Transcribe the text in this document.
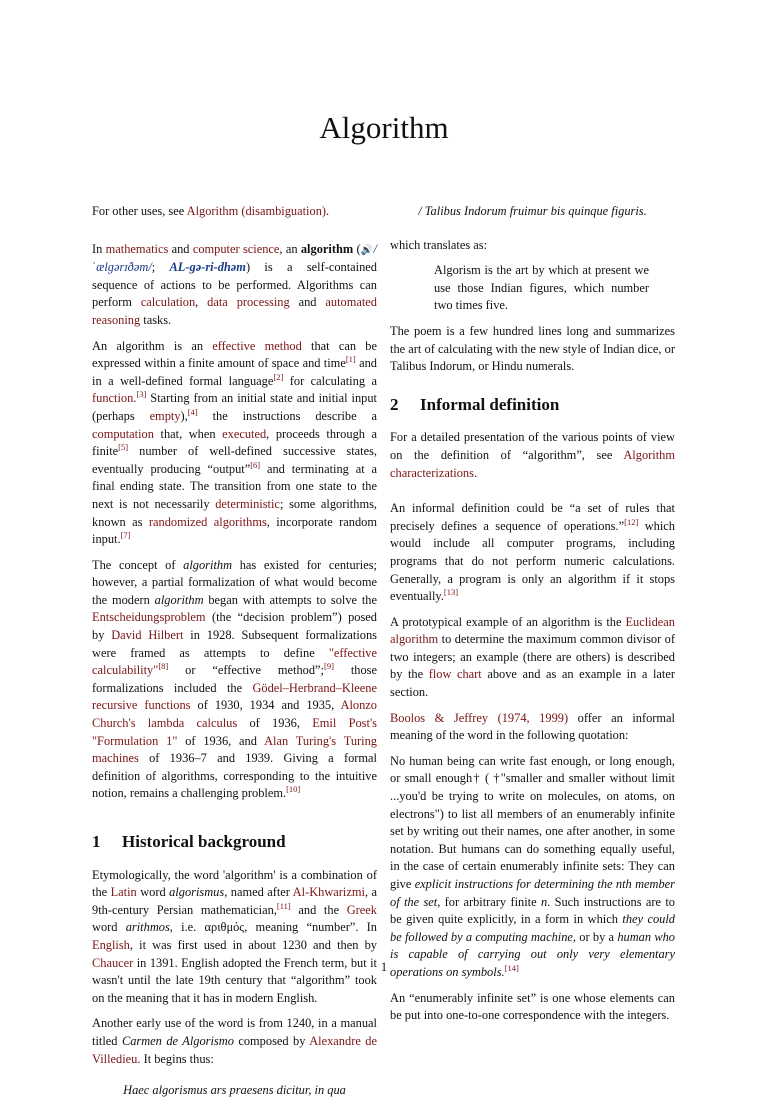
Algorithm

For other uses, see Algorithm (disambiguation).

In mathematics and computer science, an algorithm (🔊/ˈælɡərɪðəm/; AL-gə-ri-dhəm) is a self-contained sequence of actions to be performed. Algorithms can perform calculation, data processing and automated reasoning tasks.

An algorithm is an effective method that can be expressed within a finite amount of space and time[1] and in a well-defined formal language[2] for calculating a function.[3] Starting from an initial state and initial input (perhaps empty),[4] the instructions describe a computation that, when executed, proceeds through a finite[5] number of well-defined successive states, eventually producing “output”[6] and terminating at a final ending state. The transition from one state to the next is not necessarily deterministic; some algorithms, known as randomized algorithms, incorporate random input.[7]

The concept of algorithm has existed for centuries; however, a partial formalization of what would become the modern algorithm began with attempts to solve the Entscheidungsproblem (the “decision problem”) posed by David Hilbert in 1928. Subsequent formalizations were framed as attempts to define "effective calculability"[8] or “effective method”;[9] those formalizations included the Gödel–Herbrand–Kleene recursive functions of 1930, 1934 and 1935, Alonzo Church's lambda calculus of 1936, Emil Post's "Formulation 1" of 1936, and Alan Turing's Turing machines of 1936–7 and 1939. Giving a formal definition of algorithms, corresponding to the intuitive notion, remains a challenging problem.[10]

1 Historical background

Etymologically, the word 'algorithm' is a combination of the Latin word algorismus, named after Al-Khwarizmi, a 9th-century Persian mathematician,[11] and the Greek word arithmos, i.e. αριθμός, meaning “number”. In English, it was first used in about 1230 and then by Chaucer in 1391. English adopted the French term, but it wasn't until the late 19th century that “algorithm” took on the meaning that it has in modern English.

Another early use of the word is from 1240, in a manual titled Carmen de Algorismo composed by Alexandre de Villedieu. It begins thus:

Haec algorismus ars praesens dicitur, in qua

/ Talibus Indorum fruimur bis quinque figuris.

which translates as:

Algorism is the art by which at present we use those Indian figures, which number two times five.

The poem is a few hundred lines long and summarizes the art of calculating with the new style of Indian dice, or Talibus Indorum, or Hindu numerals.

2 Informal definition

For a detailed presentation of the various points of view on the definition of “algorithm”, see Algorithm characterizations.

An informal definition could be “a set of rules that precisely defines a sequence of operations.”[12] which would include all computer programs, including programs that do not perform numeric calculations. Generally, a program is only an algorithm if it stops eventually.[13]

A prototypical example of an algorithm is the Euclidean algorithm to determine the maximum common divisor of two integers; an example (there are others) is described by the flow chart above and as an example in a later section.

Boolos & Jeffrey (1974, 1999) offer an informal meaning of the word in the following quotation:

No human being can write fast enough, or long enough, or small enough† ( †"smaller and smaller without limit ...you'd be trying to write on molecules, on atoms, on electrons") to list all members of an enumerably infinite set by writing out their names, one after another, in some notation. But humans can do something equally useful, in the case of certain enumerably infinite sets: They can give explicit instructions for determining the nth member of the set, for arbitrary finite n. Such instructions are to be given quite explicitly, in a form in which they could be followed by a computing machine, or by a human who is capable of carrying out only very elementary operations on symbols.[14]

An “enumerably infinite set” is one whose elements can be put into one-to-one correspondence with the integers.

1
